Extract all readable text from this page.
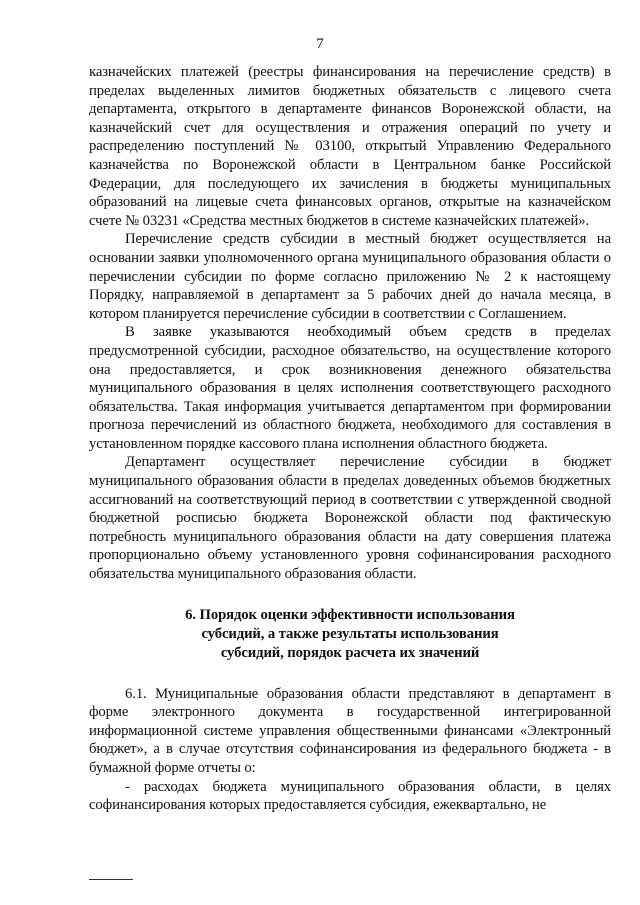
7

казначейских платежей (реестры финансирования на перечисление средств) в пределах выделенных лимитов бюджетных обязательств с лицевого счета департамента, открытого в департаменте финансов Воронежской области, на казначейский счет для осуществления и отражения операций по учету и распределению поступлений № 03100, открытый Управлению Федерального казначейства по Воронежской области в Центральном банке Российской Федерации, для последующего их зачисления в бюджеты муниципальных образований на лицевые счета финансовых органов, открытые на казначейском счете № 03231 «Средства местных бюджетов в системе казначейских платежей».

Перечисление средств субсидии в местный бюджет осуществляется на основании заявки уполномоченного органа муниципального образования области о перечислении субсидии по форме согласно приложению № 2 к настоящему Порядку, направляемой в департамент за 5 рабочих дней до начала месяца, в котором планируется перечисление субсидии в соответствии с Соглашением.

В заявке указываются необходимый объем средств в пределах предусмотренной субсидии, расходное обязательство, на осуществление которого она предоставляется, и срок возникновения денежного обязательства муниципального образования в целях исполнения соответствующего расходного обязательства. Такая информация учитывается департаментом при формировании прогноза перечислений из областного бюджета, необходимого для составления в установленном порядке кассового плана исполнения областного бюджета.

Департамент осуществляет перечисление субсидии в бюджет муниципального образования области в пределах доведенных объемов бюджетных ассигнований на соответствующий период в соответствии с утвержденной сводной бюджетной росписью бюджета Воронежской области под фактическую потребность муниципального образования области на дату совершения платежа пропорционально объему установленного уровня софинансирования расходного обязательства муниципального образования области.

6. Порядок оценки эффективности использования
субсидий, а также результаты использования
субсидий, порядок расчета их значений

6.1. Муниципальные образования области представляют в департамент в форме электронного документа в государственной интегрированной информационной системе управления общественными финансами «Электронный бюджет», а в случае отсутствия софинансирования из федерального бюджета - в бумажной форме отчеты о:

- расходах бюджета муниципального образования области, в целях софинансирования которых предоставляется субсидия, ежеквартально, не
